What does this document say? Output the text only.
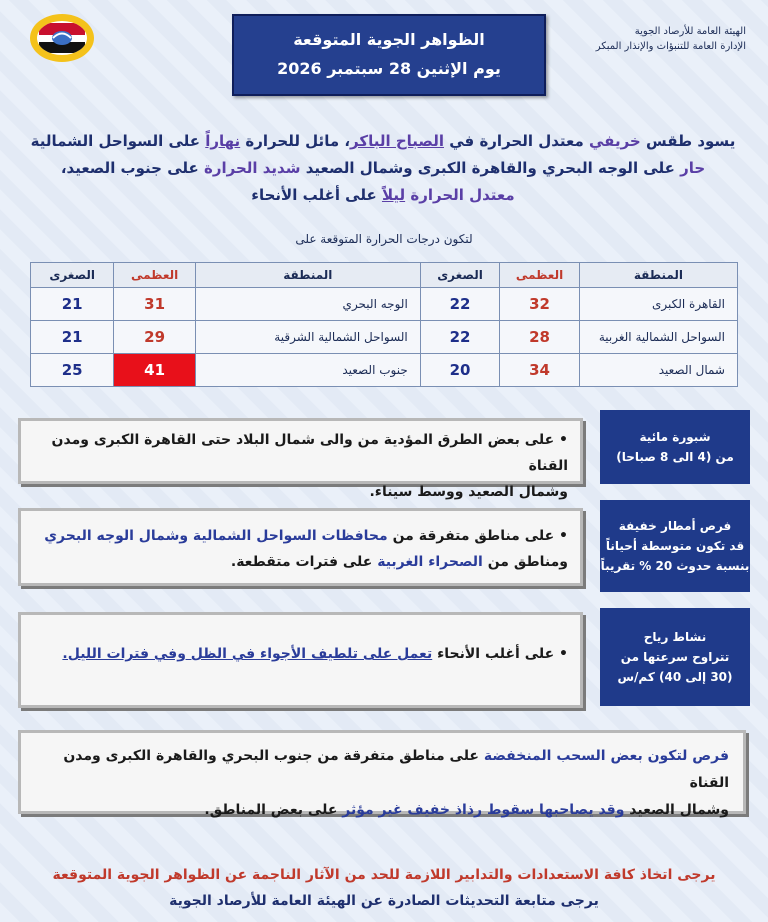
الهيئة العامة للأرصاد الجوية
الإدارة العامة للتنبؤات والإنذار المبكر
الظواهر الجوية المتوقعة
يوم الإثنين 28 سبتمبر 2026
يسود طقس خريفي معتدل الحرارة في الصباح الباكر، مائل للحرارة نهاراً على السواحل الشمالية
حار على الوجه البحري والقاهرة الكبرى وشمال الصعيد شديد الحرارة على جنوب الصعيد،
معتدل الحرارة ليلاً على أغلب الأنحاء
لتكون درجات الحرارة المتوقعة على
المنطقة	العظمى	الصغرى	المنطقة	العظمى	الصغرى
القاهرة الكبرى	32	22	الوجه البحري	31	21
السواحل الشمالية الغربية	28	22	السواحل الشمالية الشرقية	29	21
شمال الصعيد	34	20	جنوب الصعيد	41	25
شبورة مائية
من (4 الى 8 صباحا)
• على بعض الطرق المؤدية من والى شمال البلاد حتى القاهرة الكبرى ومدن القناة
وشمال الصعيد ووسط سيناء.
فرص أمطار خفيفة
قد تكون متوسطة أحياناً
بنسبة حدوث 20 % تقريباً
• على مناطق متفرقة من محافظات السواحل الشمالية وشمال الوجه البحري
ومناطق من الصحراء الغربية على فترات متقطعة.
نشاط رياح
تتراوح سرعتها من
(30 إلى 40) كم/س
• على أغلب الأنحاء تعمل على تلطيف الأجواء في الظل وفي فترات الليل.
فرص لتكون بعض السحب المنخفضة على مناطق متفرقة من جنوب البحري والقاهرة الكبرى ومدن القناة
وشمال الصعيد وقد يصاحبها سقوط رذاذ خفيف غير مؤثر على بعض المناطق.
يرجى اتخاذ كافة الاستعدادات والتدابير اللازمة للحد من الآثار الناجمة عن الظواهر الجوية المتوقعة
يرجى متابعة التحديثات الصادرة عن الهيئة العامة للأرصاد الجوية
